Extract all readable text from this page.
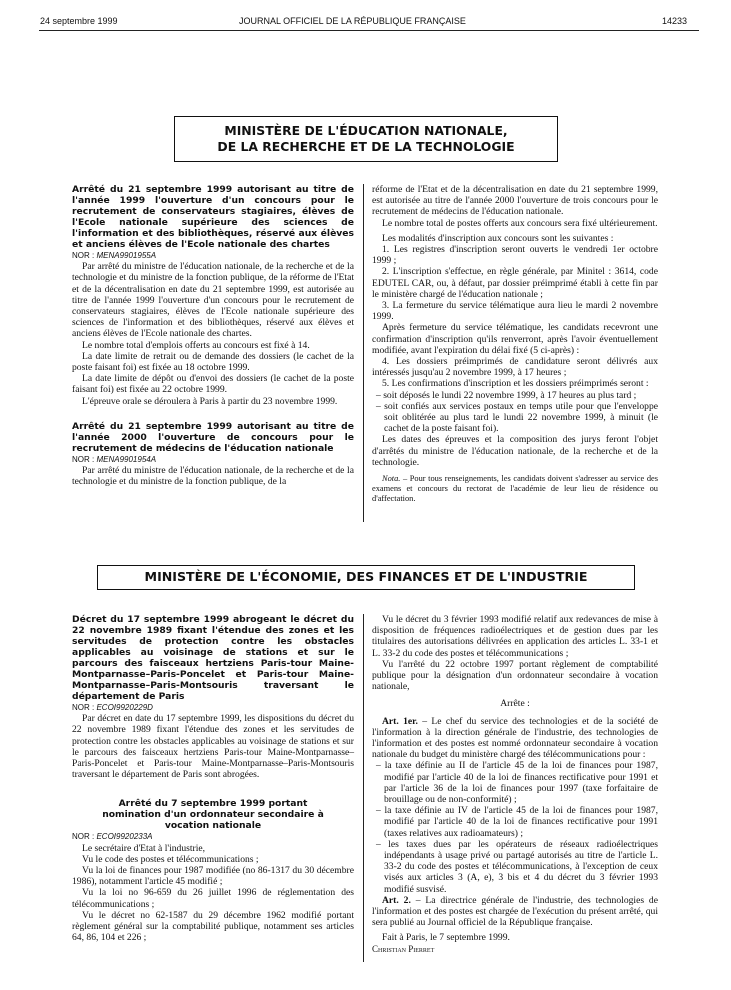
24 septembre 1999	JOURNAL OFFICIEL DE LA RÉPUBLIQUE FRANÇAISE	14233
MINISTÈRE DE L'ÉDUCATION NATIONALE,
DE LA RECHERCHE ET DE LA TECHNOLOGIE

Arrêté du 21 septembre 1999 autorisant au titre de l'année 1999 l'ouverture d'un concours pour le recrutement de conservateurs stagiaires, élèves de l'Ecole nationale supérieure des sciences de l'information et des bibliothèques, réservé aux élèves et anciens élèves de l'Ecole nationale des chartes

NOR : MENA9901955A

Par arrêté du ministre de l'éducation nationale, de la recherche et de la technologie et du ministre de la fonction publique, de la réforme de l'Etat et de la décentralisation en date du 21 septembre 1999, est autorisée au titre de l'année 1999 l'ouverture d'un concours pour le recrutement de conservateurs stagiaires, élèves de l'Ecole nationale supérieure des sciences de l'information et des bibliothèques, réservé aux élèves et anciens élèves de l'Ecole nationale des chartes.

Le nombre total d'emplois offerts au concours est fixé à 14.

La date limite de retrait ou de demande des dossiers (le cachet de la poste faisant foi) est fixée au 18 octobre 1999.

La date limite de dépôt ou d'envoi des dossiers (le cachet de la poste faisant foi) est fixée au 22 octobre 1999.

L'épreuve orale se déroulera à Paris à partir du 23 novembre 1999.

Arrêté du 21 septembre 1999 autorisant au titre de l'année 2000 l'ouverture de concours pour le recrutement de médecins de l'éducation nationale

NOR : MENA9901954A

Par arrêté du ministre de l'éducation nationale, de la recherche et de la technologie et du ministre de la fonction publique, de la

réforme de l'Etat et de la décentralisation en date du 21 septembre 1999, est autorisée au titre de l'année 2000 l'ouverture de trois concours pour le recrutement de médecins de l'éducation nationale.

Le nombre total de postes offerts aux concours sera fixé ultérieurement.

Les modalités d'inscription aux concours sont les suivantes :

1. Les registres d'inscription seront ouverts le vendredi 1er octobre 1999 ;

2. L'inscription s'effectue, en règle générale, par Minitel : 3614, code EDUTEL CAR, ou, à défaut, par dossier préimprimé établi à cette fin par le ministère chargé de l'éducation nationale ;

3. La fermeture du service télématique aura lieu le mardi 2 novembre 1999.

Après fermeture du service télématique, les candidats recevront une confirmation d'inscription qu'ils renverront, après l'avoir éventuellement modifiée, avant l'expiration du délai fixé (5 ci-après) :

4. Les dossiers préimprimés de candidature seront délivrés aux intéressés jusqu'au 2 novembre 1999, à 17 heures ;

5. Les confirmations d'inscription et les dossiers préimprimés seront :

– soit déposés le lundi 22 novembre 1999, à 17 heures au plus tard ;

– soit confiés aux services postaux en temps utile pour que l'enveloppe soit oblitérée au plus tard le lundi 22 novembre 1999, à minuit (le cachet de la poste faisant foi).

Les dates des épreuves et la composition des jurys feront l'objet d'arrêtés du ministre de l'éducation nationale, de la recherche et de la technologie.

Nota. – Pour tous renseignements, les candidats doivent s'adresser au service des examens et concours du rectorat de l'académie de leur lieu de résidence ou d'affectation.

MINISTÈRE DE L'ÉCONOMIE, DES FINANCES ET DE L'INDUSTRIE

Décret du 17 septembre 1999 abrogeant le décret du 22 novembre 1989 fixant l'étendue des zones et les servitudes de protection contre les obstacles applicables au voisinage de stations et sur le parcours des faisceaux hertziens Paris-tour Maine-Montparnasse–Paris-Poncelet et Paris-tour Maine-Montparnasse–Paris-Montsouris traversant le département de Paris

NOR : ECOI9920229D

Par décret en date du 17 septembre 1999, les dispositions du décret du 22 novembre 1989 fixant l'étendue des zones et les servitudes de protection contre les obstacles applicables au voisinage de stations et sur le parcours des faisceaux hertziens Paris-tour Maine-Montparnasse–Paris-Poncelet et Paris-tour Maine-Montparnasse–Paris-Montsouris traversant le département de Paris sont abrogées.

Arrêté du 7 septembre 1999 portant nomination d'un ordonnateur secondaire à vocation nationale

NOR : ECOI9920233A

Le secrétaire d'Etat à l'industrie,

Vu le code des postes et télécommunications ;

Vu la loi de finances pour 1987 modifiée (no 86-1317 du 30 décembre 1986), notamment l'article 45 modifié ;

Vu la loi no 96-659 du 26 juillet 1996 de réglementation des télécommunications ;

Vu le décret no 62-1587 du 29 décembre 1962 modifié portant règlement général sur la comptabilité publique, notamment ses articles 64, 86, 104 et 226 ;

Vu le décret du 3 février 1993 modifié relatif aux redevances de mise à disposition de fréquences radioélectriques et de gestion dues par les titulaires des autorisations délivrées en application des articles L. 33-1 et L. 33-2 du code des postes et télécommunications ;

Vu l'arrêté du 22 octobre 1997 portant règlement de comptabilité publique pour la désignation d'un ordonnateur secondaire à vocation nationale,

Arrête :

Art. 1er. – Le chef du service des technologies et de la société de l'information à la direction générale de l'industrie, des technologies de l'information et des postes est nommé ordonnateur secondaire à vocation nationale du budget du ministère chargé des télécommunications pour :

– la taxe définie au II de l'article 45 de la loi de finances pour 1987, modifié par l'article 40 de la loi de finances rectificative pour 1991 et par l'article 36 de la loi de finances pour 1997 (taxe forfaitaire de brouillage ou de non-conformité) ;

– la taxe définie au IV de l'article 45 de la loi de finances pour 1987, modifié par l'article 40 de la loi de finances rectificative pour 1991 (taxes relatives aux radioamateurs) ;

– les taxes dues par les opérateurs de réseaux radioélectriques indépendants à usage privé ou partagé autorisés au titre de l'article L. 33-2 du code des postes et télécommunications, à l'exception de ceux visés aux articles 3 (A, e), 3 bis et 4 du décret du 3 février 1993 modifié susvisé.

Art. 2. – La directrice générale de l'industrie, des technologies de l'information et des postes est chargée de l'exécution du présent arrêté, qui sera publié au Journal officiel de la République française.

Fait à Paris, le 7 septembre 1999.

Christian Pierret
